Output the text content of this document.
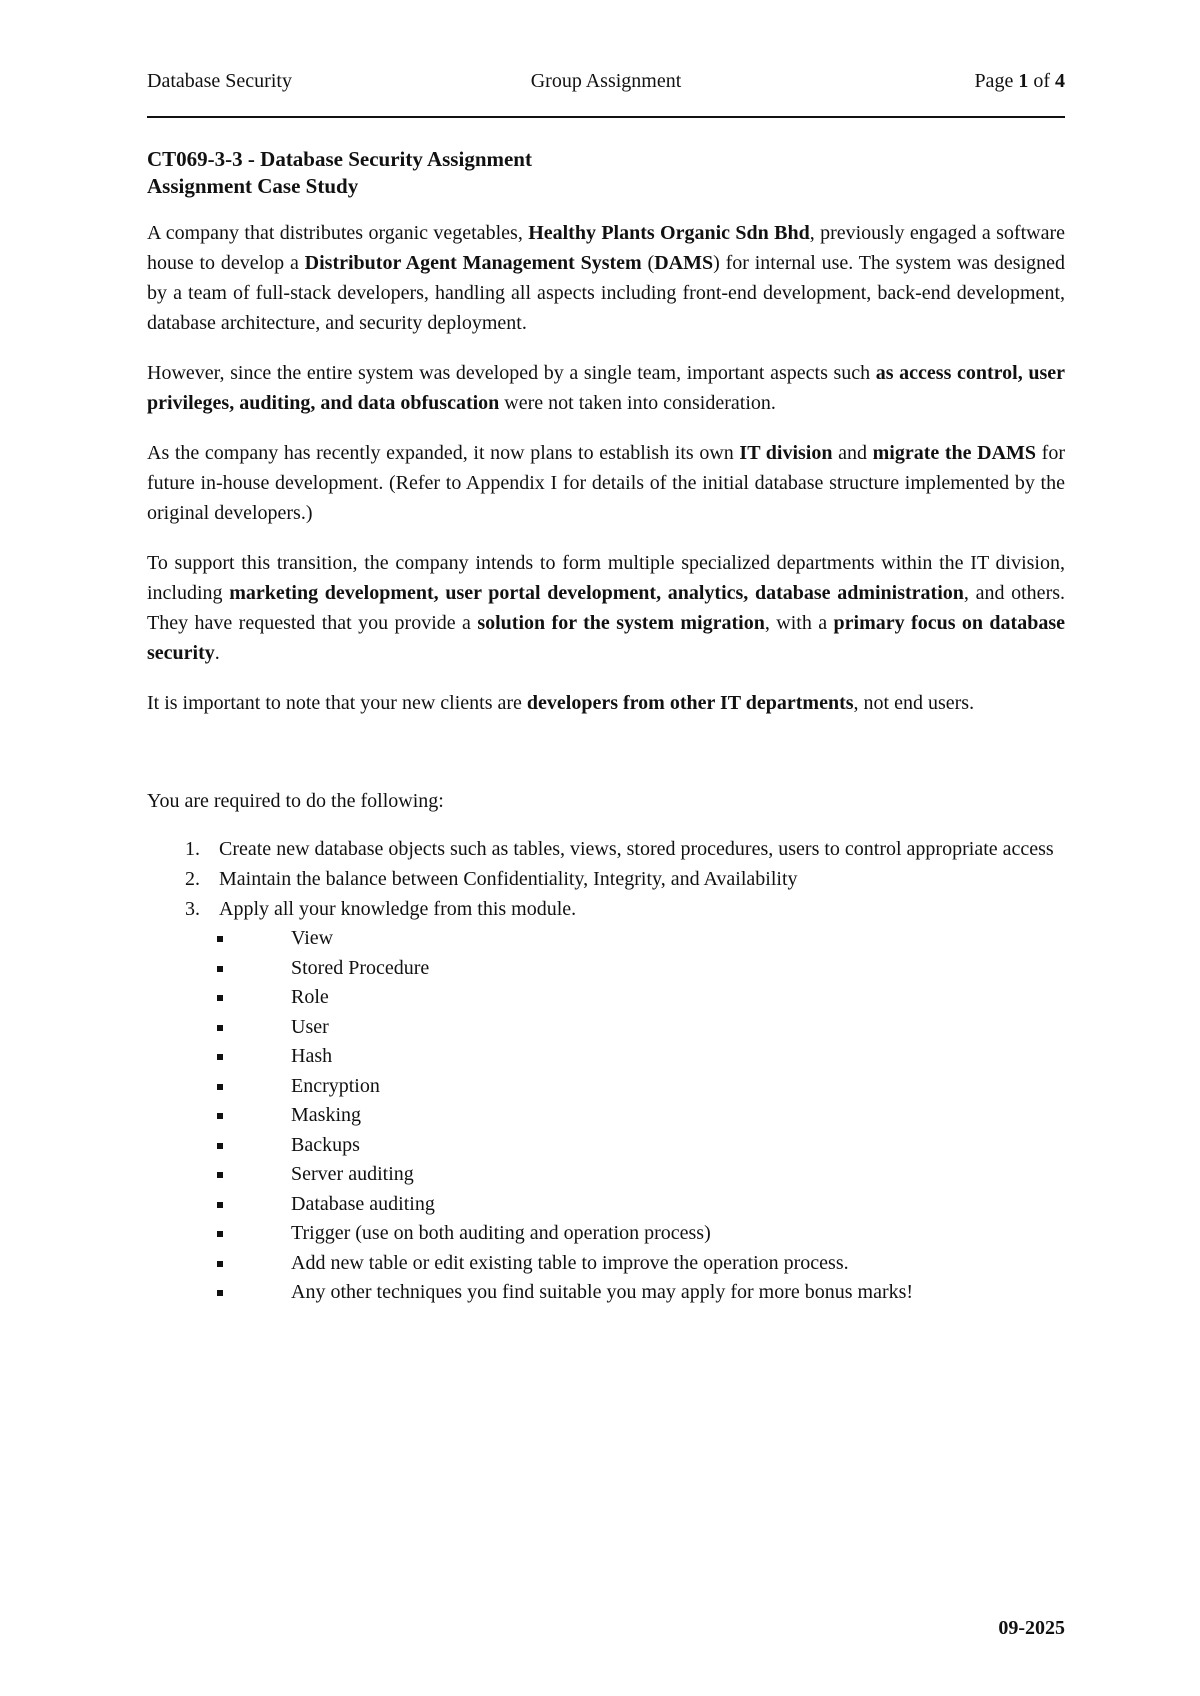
Database Security	Group Assignment	Page 1 of 4
CT069-3-3 - Database Security Assignment
Assignment Case Study

A company that distributes organic vegetables, Healthy Plants Organic Sdn Bhd, previously engaged a software house to develop a Distributor Agent Management System (DAMS) for internal use. The system was designed by a team of full-stack developers, handling all aspects including front-end development, back-end development, database architecture, and security deployment.

However, since the entire system was developed by a single team, important aspects such as access control, user privileges, auditing, and data obfuscation were not taken into consideration.

As the company has recently expanded, it now plans to establish its own IT division and migrate the DAMS for future in-house development. (Refer to Appendix I for details of the initial database structure implemented by the original developers.)

To support this transition, the company intends to form multiple specialized departments within the IT division, including marketing development, user portal development, analytics, database administration, and others. They have requested that you provide a solution for the system migration, with a primary focus on database security.

It is important to note that your new clients are developers from other IT departments, not end users.

You are required to do the following:

1. Create new database objects such as tables, views, stored procedures, users to control appropriate access
2. Maintain the balance between Confidentiality, Integrity, and Availability
3. Apply all your knowledge from this module.
View
Stored Procedure
Role
User
Hash
Encryption
Masking
Backups
Server auditing
Database auditing
Trigger (use on both auditing and operation process)
Add new table or edit existing table to improve the operation process.
Any other techniques you find suitable you may apply for more bonus marks!
09-2025
